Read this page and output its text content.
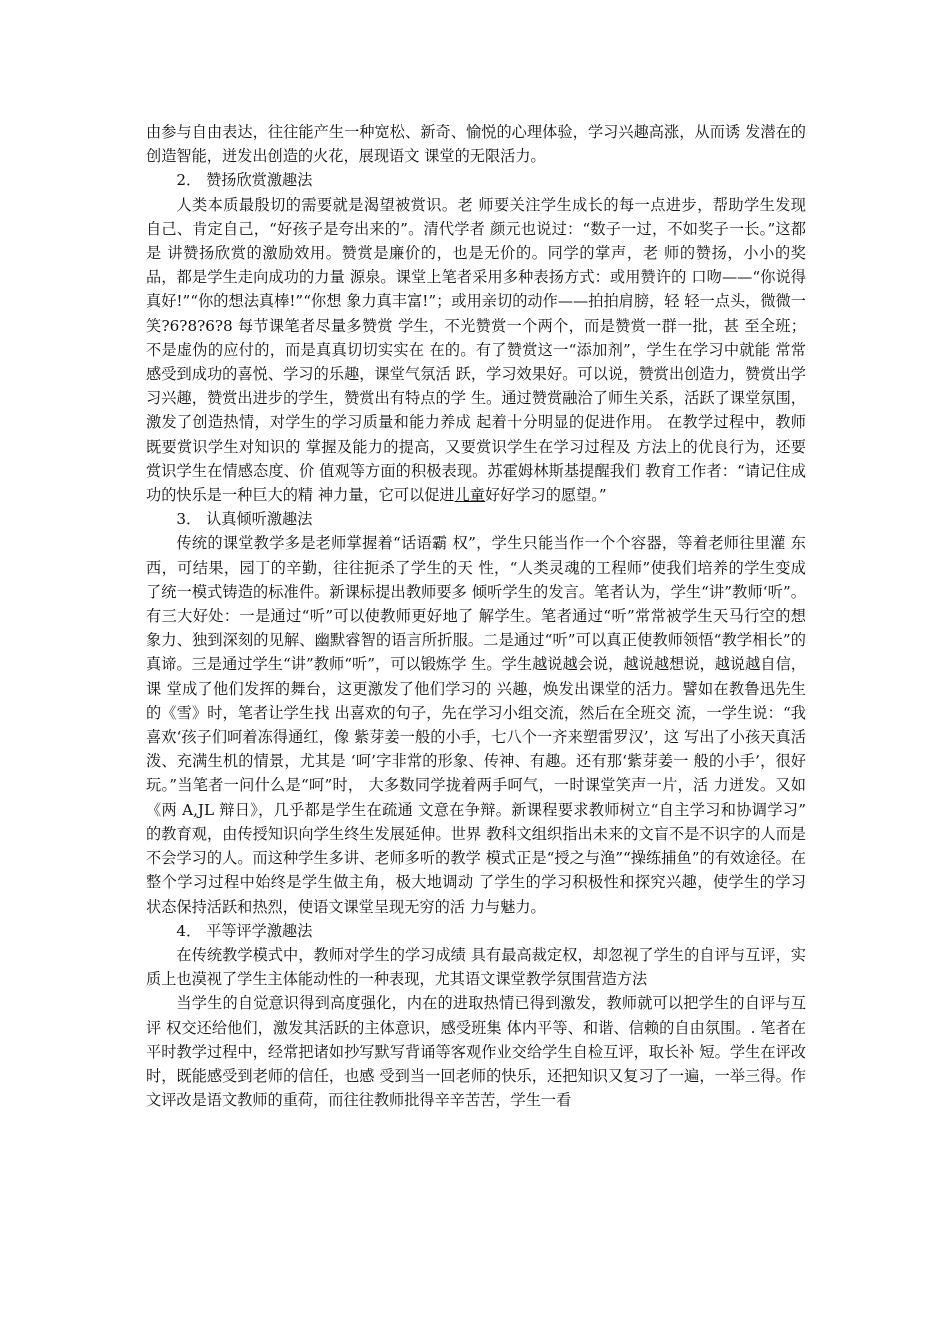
由参与自由表达，往往能产生一种宽松、新奇、愉悦的心理体验，学习兴趣高涨，从而诱 发潜在的创造智能，迸发出创造的火花，展现语文 课堂的无限活力。

2． 赞扬欣赏激趣法

人类本质最殷切的需要就是渴望被赏识。老 师要关注学生成长的每一点进步，帮助学生发现 自己、肯定自己，“好孩子是夸出来的”。清代学者 颜元也说过：“数子一过，不如奖子一长。”这都是 讲赞扬欣赏的激励效用。赞赏是廉价的，也是无价的。同学的掌声，老 师的赞扬，小小的奖品，都是学生走向成功的力量 源泉。课堂上笔者采用多种表扬方式：或用赞许的 口吻——“你说得真好!”“你的想法真棒!”“你想 象力真丰富!”；或用亲切的动作——拍拍肩膀，轻 轻一点头，微微一笑?6?8?6?8 每节课笔者尽量多赞赏 学生，不光赞赏一个两个，而是赞赏一群一批，甚 至全班；不是虚伪的应付的，而是真真切切实实在 在的。有了赞赏这一“添加剂”，学生在学习中就能 常常感受到成功的喜悦、学习的乐趣，课堂气氛活 跃，学习效果好。可以说，赞赏出创造力，赞赏出学 习兴趣，赞赏出进步的学生，赞赏出有特点的学 生。通过赞赏融洽了师生关系，活跃了课堂氛围， 激发了创造热情，对学生的学习质量和能力养成 起着十分明显的促进作用。 在教学过程中，教师既要赏识学生对知识的 掌握及能力的提高，又要赏识学生在学习过程及 方法上的优良行为，还要赏识学生在情感态度、价 值观等方面的积极表现。苏霍姆林斯基提醒我们 教育工作者：“请记住成功的快乐是一种巨大的精 神力量，它可以促进儿童好好学习的愿望。”

3． 认真倾听激趣法

传统的课堂教学多是老师掌握着“话语霸 权”，学生只能当作一个个容器，等着老师往里灌 东西，可结果，园丁的辛勤，往往扼杀了学生的天 性，“人类灵魂的工程师”使我们培养的学生变成 了统一模式铸造的标准件。新课标提出教师要多 倾听学生的发言。笔者认为，学生“讲”教师‘听”。有三大好处：一是通过“听”可以使教师更好地了 解学生。笔者通过“听”常常被学生天马行空的想 象力、独到深刻的见解、幽默睿智的语言所折服。二是通过“听”可以真正使教师领悟“教学相长”的 真谛。三是通过学生“讲”教师“听”，可以锻炼学 生。学生越说越会说，越说越想说，越说越自信，课 堂成了他们发挥的舞台，这更激发了他们学习的 兴趣，焕发出课堂的活力。譬如在教鲁迅先生的《雪》时，笔者让学生找 出喜欢的句子，先在学习小组交流，然后在全班交 流，一学生说：“我喜欢‘孩子们呵着冻得通红，像 紫芽姜一般的小手，七八个一齐来塑雷罗汉’，这 写出了小孩天真活泼、充满生机的情景，尤其是 ‘呵’字非常的形象、传神、有趣。还有那‘紫芽姜一 般的小手’，很好玩。”当笔者一问什么是“呵”时， 大多数同学拢着两手呵气，一时课堂笑声一片，活 力迸发。又如《两 A,JL 辩日》，几乎都是学生在疏通 文意在争辩。新课程要求教师树立“自主学习和协调学习” 的教育观，由传授知识向学生终生发展延伸。世界 教科文组织指出未来的文盲不是不识字的人而是 不会学习的人。而这种学生多讲、老师多听的教学 模式正是“授之与渔”“操练捕鱼”的有效途径。在 整个学习过程中始终是学生做主角，极大地调动 了学生的学习积极性和探究兴趣，使学生的学习 状态保持活跃和热烈，使语文课堂呈现无穷的活 力与魅力。

4． 平等评学激趣法

在传统教学模式中，教师对学生的学习成绩 具有最高裁定权，却忽视了学生的自评与互评，实 质上也漠视了学生主体能动性的一种表现，尤其语文课堂教学氛围营造方法

当学生的自觉意识得到高度强化，内在的进取热情已得到激发，教师就可以把学生的自评与互评 权交还给他们，激发其活跃的主体意识，感受班集 体内平等、和谐、信赖的自由氛围。. 笔者在平时教学过程中，经常把诸如抄写默写背诵等客观作业交给学生自检互评，取长补 短。学生在评改时，既能感受到老师的信任，也感 受到当一回老师的快乐，还把知识又复习了一遍，一举三得。作文评改是语文教师的重荷，而往往教师批得辛辛苦苦，学生一看
